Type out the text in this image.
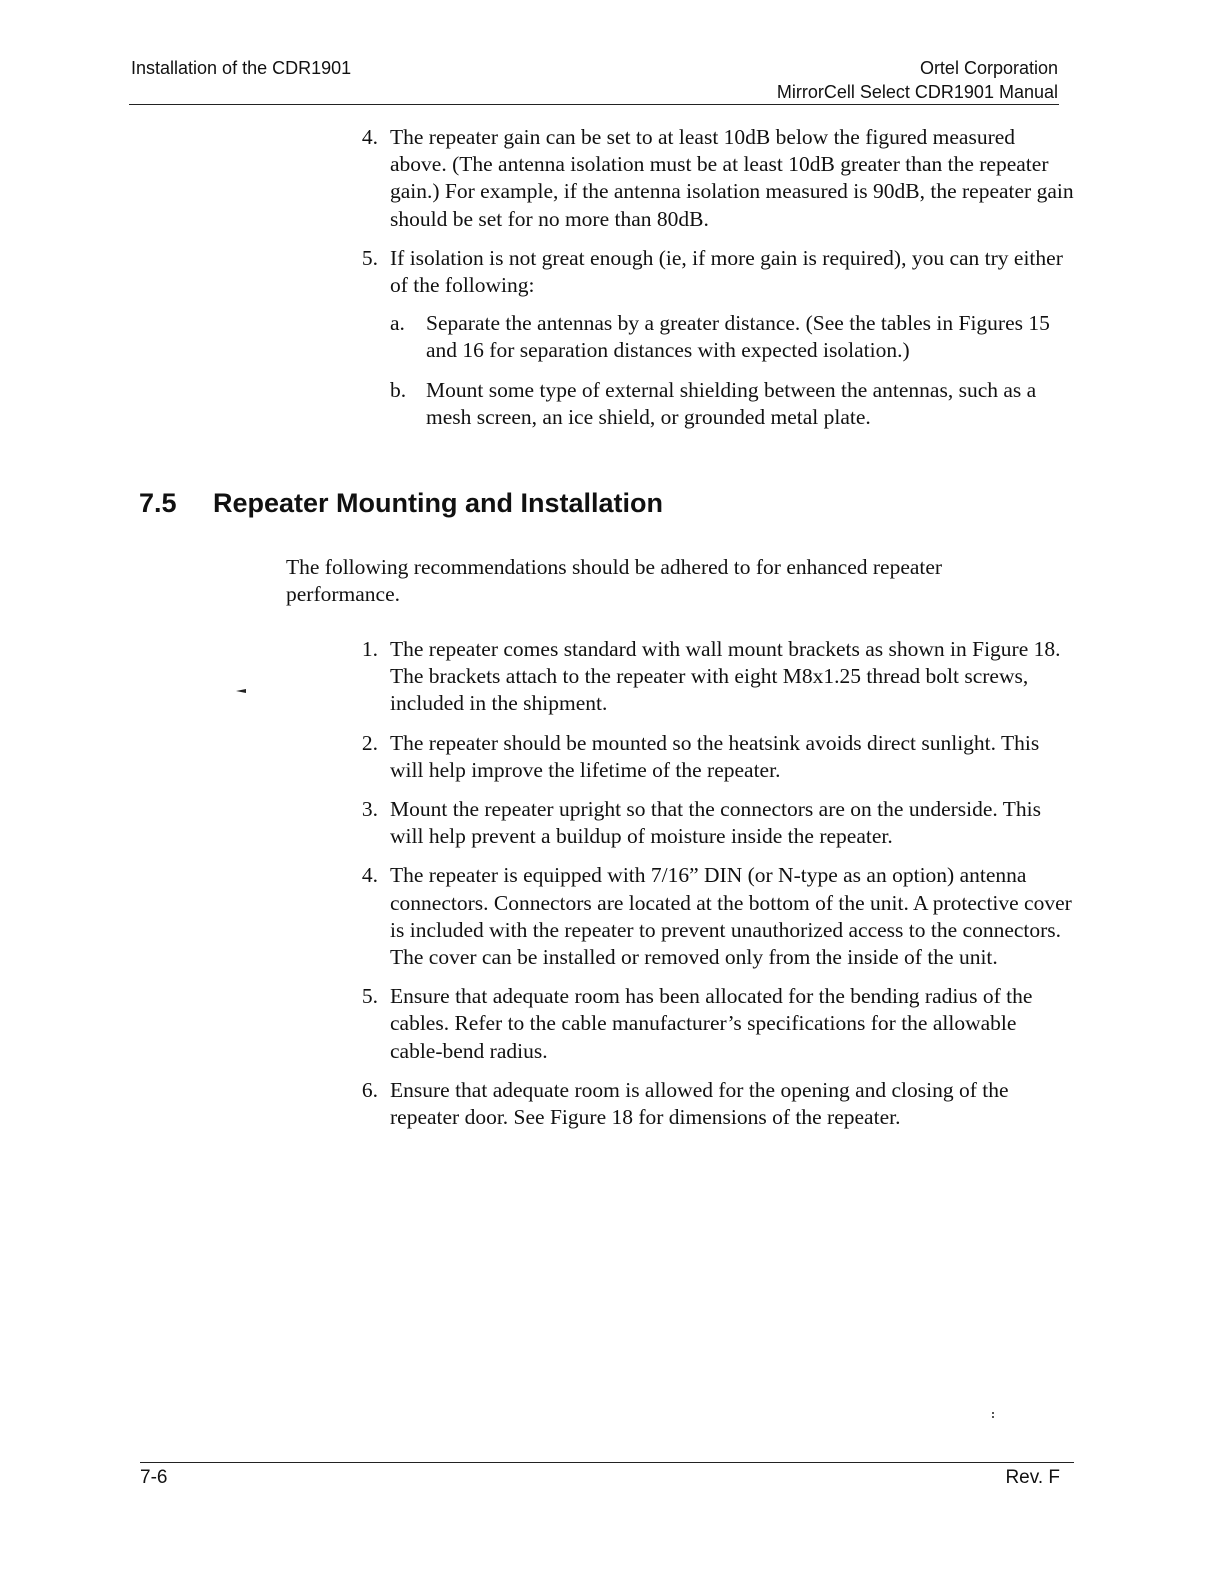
Installation of the CDR1901	Ortel Corporation
MirrorCell Select CDR1901 Manual
4. The repeater gain can be set to at least 10dB below the figured measured above. (The antenna isolation must be at least 10dB greater than the repeater gain.) For example, if the antenna isolation measured is 90dB, the repeater gain should be set for no more than 80dB.
5. If isolation is not great enough (ie, if more gain is required), you can try either of the following:
a. Separate the antennas by a greater distance. (See the tables in Figures 15 and 16 for separation distances with expected isolation.)
b. Mount some type of external shielding between the antennas, such as a mesh screen, an ice shield, or grounded metal plate.
7.5 Repeater Mounting and Installation

The following recommendations should be adhered to for enhanced repeater performance.

1. The repeater comes standard with wall mount brackets as shown in Figure 18. The brackets attach to the repeater with eight M8x1.25 thread bolt screws, included in the shipment.
2. The repeater should be mounted so the heatsink avoids direct sunlight. This will help improve the lifetime of the repeater.
3. Mount the repeater upright so that the connectors are on the underside. This will help prevent a buildup of moisture inside the repeater.
4. The repeater is equipped with 7/16” DIN (or N-type as an option) antenna connectors. Connectors are located at the bottom of the unit. A protective cover is included with the repeater to prevent unauthorized access to the connectors. The cover can be installed or removed only from the inside of the unit.
5. Ensure that adequate room has been allocated for the bending radius of the cables. Refer to the cable manufacturer’s specifications for the allowable cable-bend radius.
6. Ensure that adequate room is allowed for the opening and closing of the repeater door. See Figure 18 for dimensions of the repeater.
7-6	Rev. F
